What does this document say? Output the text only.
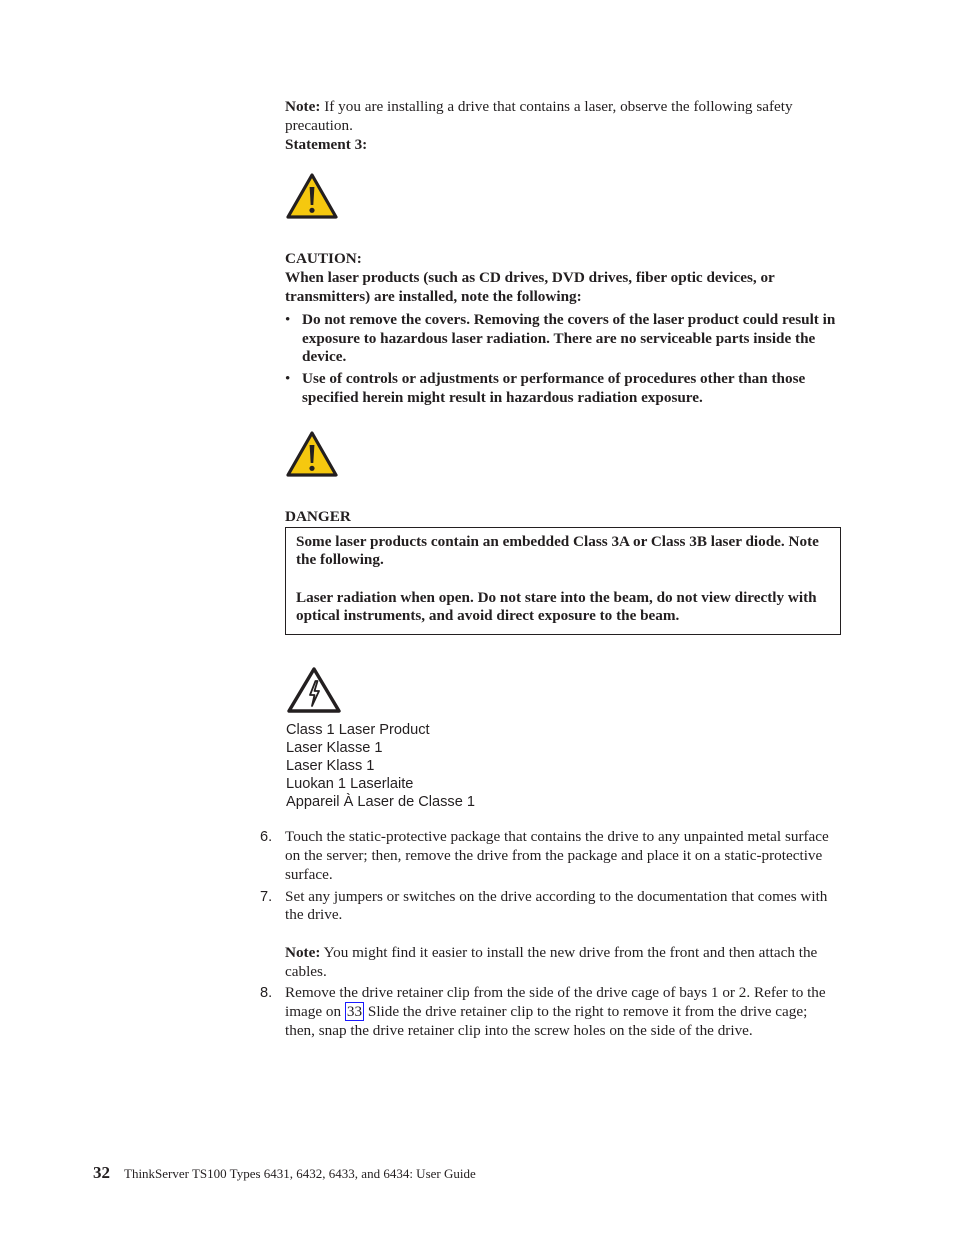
Note: If you are installing a drive that contains a laser, observe the following safety precaution.

Statement 3:

CAUTION:

When laser products (such as CD drives, DVD drives, fiber optic devices, or transmitters) are installed, note the following:

• Do not remove the covers. Removing the covers of the laser product could result in exposure to hazardous laser radiation. There are no serviceable parts inside the device.
• Use of controls or adjustments or performance of procedures other than those specified herein might result in hazardous radiation exposure.

DANGER

Some laser products contain an embedded Class 3A or Class 3B laser diode. Note the following.

Laser radiation when open. Do not stare into the beam, do not view directly with optical instruments, and avoid direct exposure to the beam.

Class 1 Laser Product
Laser Klasse 1
Laser Klass 1
Luokan 1 Laserlaite
Appareil À Laser de Classe 1
6. Touch the static-protective package that contains the drive to any unpainted metal surface on the server; then, remove the drive from the package and place it on a static-protective surface.
7. Set any jumpers or switches on the drive according to the documentation that comes with the drive.

Note: You might find it easier to install the new drive from the front and then attach the cables.

8. Remove the drive retainer clip from the side of the drive cage of bays 1 or 2. Refer to the image on 33 Slide the drive retainer clip to the right to remove it from the drive cage; then, snap the drive retainer clip into the screw holes on the side of the drive.
32 ThinkServer TS100 Types 6431, 6432, 6433, and 6434: User Guide
